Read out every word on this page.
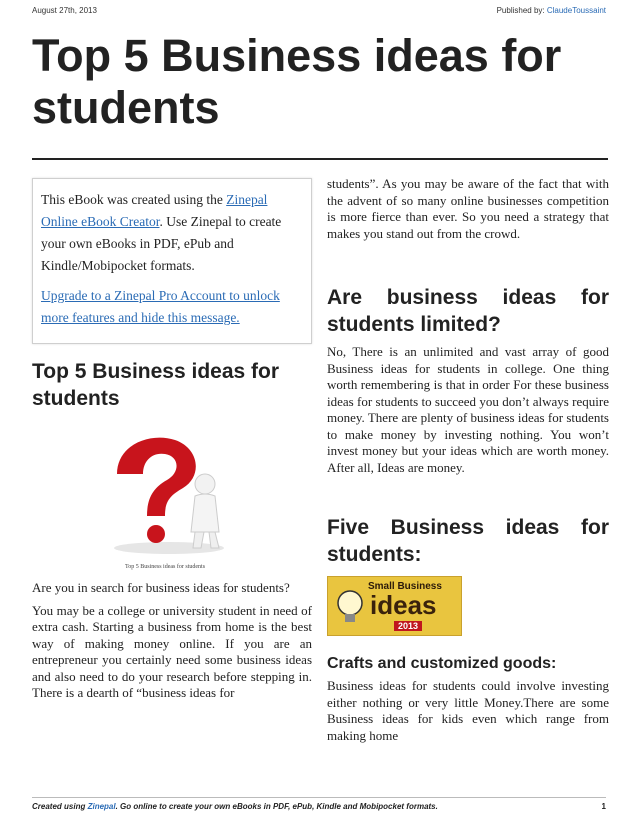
August 27th, 2013	Published by: ClaudeToussaint
Top 5 Business ideas for students

This eBook was created using the Zinepal Online eBook Creator. Use Zinepal to create your own eBooks in PDF, ePub and Kindle/Mobipocket formats.

Upgrade to a Zinepal Pro Account to unlock more features and hide this message.

Top 5 Business ideas for students
Top 5 Business ideas for students

Are you in search for business ideas for students?

You may be a college or university student in need of extra cash. Starting a business from home is the best way of making money online. If you are an entrepreneur you certainly need some business ideas and also need to do your research before stepping in. There is a dearth of “business ideas for

students”. As you may be aware of the fact that with the advent of so many online businesses competition is more fierce than ever. So you need a strategy that makes you stand out from the crowd.

Are business ideas for students limited?

No, There is an unlimited and vast array of good Business ideas for students in college. One thing worth remembering is that in order For these business ideas for students to succeed you don’t always require money. There are plenty of business ideas for students to make money by investing nothing. You won’t invest money but your ideas which are worth money. After all, Ideas are money.

Five Business ideas for students:
Small Business
ideas
2013
Crafts and customized goods:

Business ideas for students could involve investing either nothing or very little Money.There are some Business ideas for kids even which range from making home

Created using Zinepal. Go online to create your own eBooks in PDF, ePub, Kindle and Mobipocket formats.	1
